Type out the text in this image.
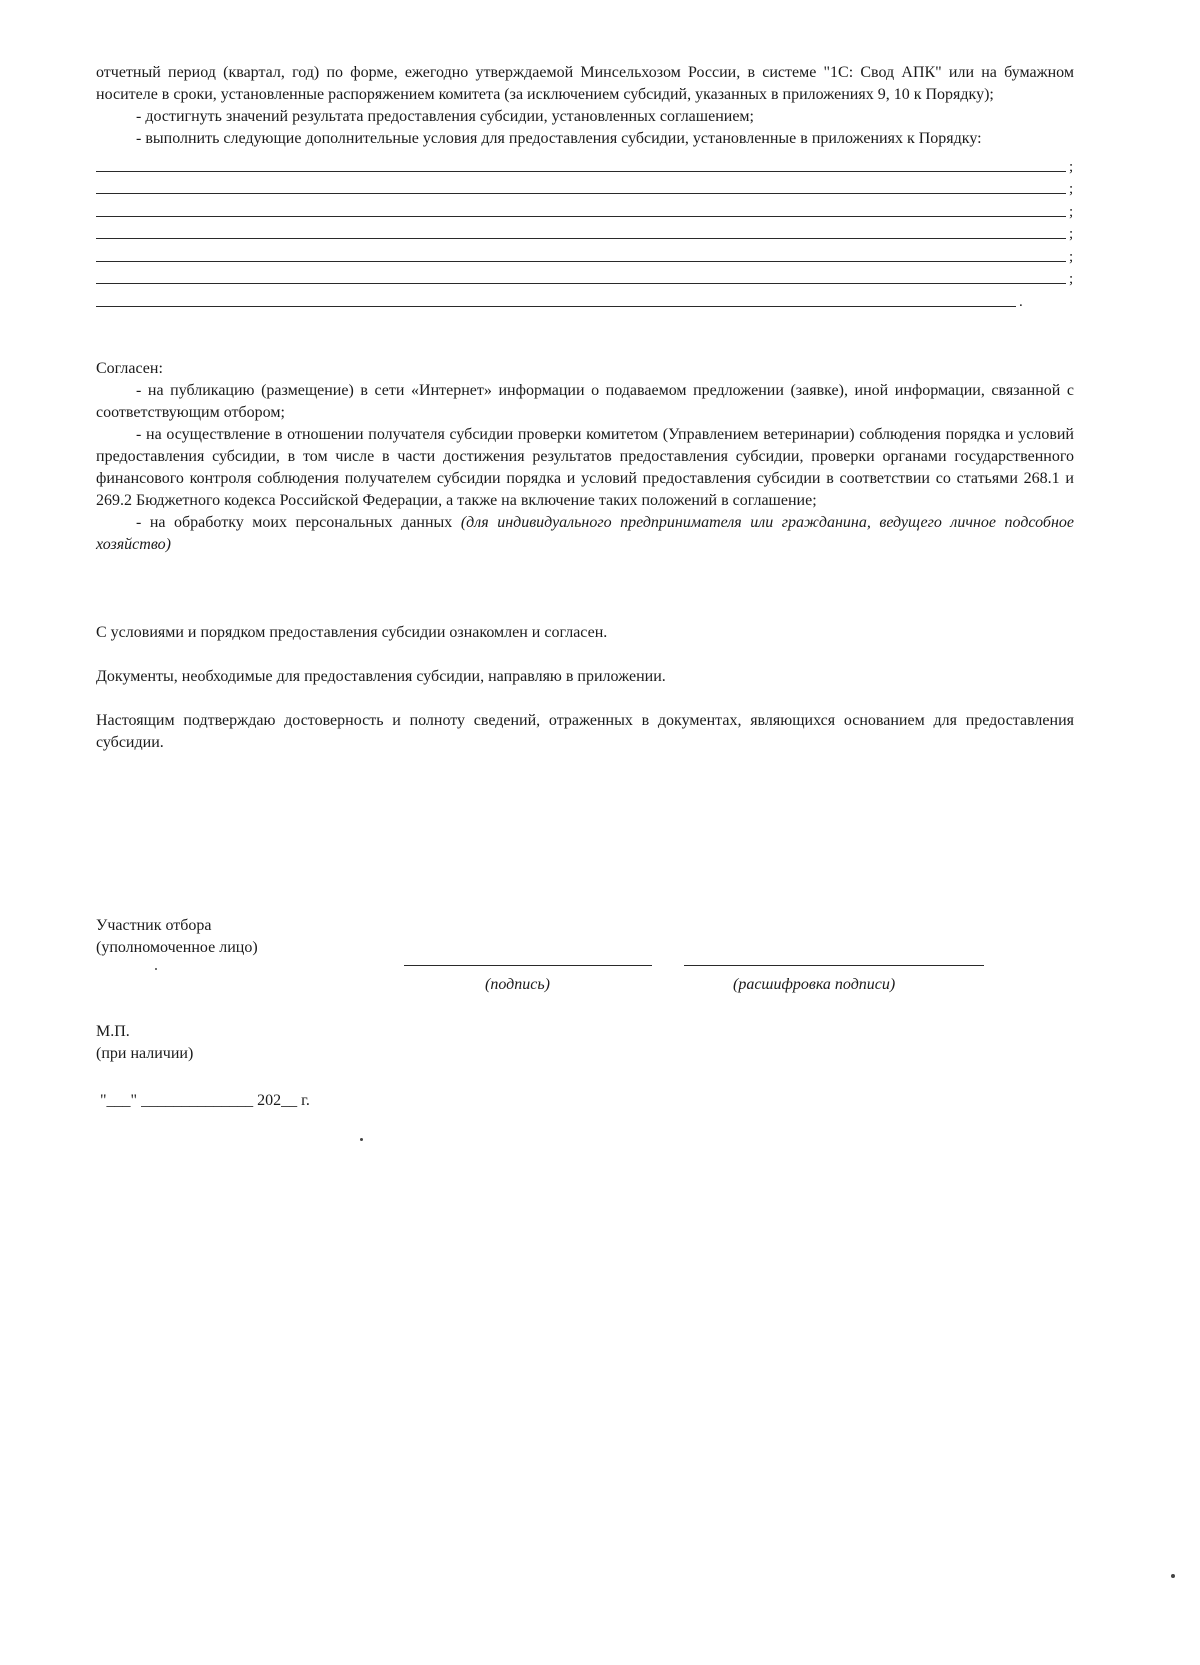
отчетный период (квартал, год) по форме, ежегодно утверждаемой Минсельхозом России, в системе "1С: Свод АПК" или на бумажном носителе в сроки, установленные распоряжением комитета (за исключением субсидий, указанных в приложениях 9, 10 к Порядку);

- достигнуть значений результата предоставления субсидии, установленных соглашением;

- выполнить следующие дополнительные условия для предоставления субсидии, установленные в приложениях к Порядку:

;
;
;
;
;
;
.

Согласен:

- на публикацию (размещение) в сети «Интернет» информации о подаваемом предложении (заявке), иной информации, связанной с соответствующим отбором;

- на осуществление в отношении получателя субсидии проверки комитетом (Управлением ветеринарии) соблюдения порядка и условий предоставления субсидии, в том числе в части достижения результатов предоставления субсидии, проверки органами государственного финансового контроля соблюдения получателем субсидии порядка и условий предоставления субсидии в соответствии со статьями 268.1 и 269.2 Бюджетного кодекса Российской Федерации, а также на включение таких положений в соглашение;

- на обработку моих персональных данных (для индивидуального предпринимателя или гражданина, ведущего личное подсобное хозяйство)

С условиями и порядком предоставления субсидии ознакомлен и согласен.

Документы, необходимые для предоставления субсидии, направляю в приложении.

Настоящим подтверждаю достоверность и полноту сведений, отраженных в документах, являющихся основанием для предоставления субсидии.

Участник отбора

(уполномоченное лицо)

(подпись)	(расшифровка подписи)

М.П.

(при наличии)

"___" ______________ 202__ г.
